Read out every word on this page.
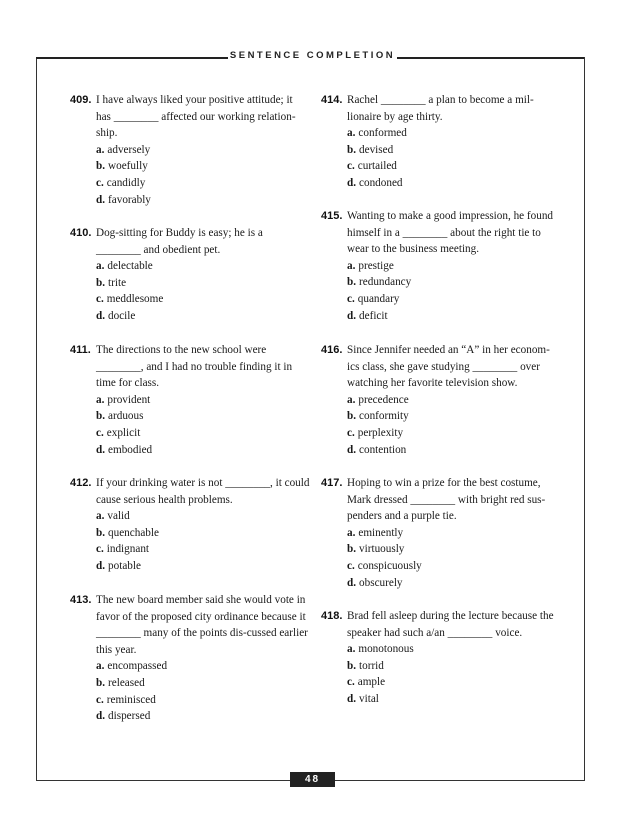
SENTENCE COMPLETION
409. I have always liked your positive attitude; it has ________ affected our working relation-ship.
a. adversely
b. woefully
c. candidly
d. favorably
410. Dog-sitting for Buddy is easy; he is a ________ and obedient pet.
a. delectable
b. trite
c. meddlesome
d. docile
411. The directions to the new school were ________, and I had no trouble finding it in time for class.
a. provident
b. arduous
c. explicit
d. embodied
412. If your drinking water is not ________, it could cause serious health problems.
a. valid
b. quenchable
c. indignant
d. potable
413. The new board member said she would vote in favor of the proposed city ordinance because it ________ many of the points dis-cussed earlier this year.
a. encompassed
b. released
c. reminisced
d. dispersed
414. Rachel ________ a plan to become a mil-lionaire by age thirty.
a. conformed
b. devised
c. curtailed
d. condoned
415. Wanting to make a good impression, he found himself in a ________ about the right tie to wear to the business meeting.
a. prestige
b. redundancy
c. quandary
d. deficit
416. Since Jennifer needed an “A” in her econom-ics class, she gave studying ________ over watching her favorite television show.
a. precedence
b. conformity
c. perplexity
d. contention
417. Hoping to win a prize for the best costume, Mark dressed ________ with bright red sus-penders and a purple tie.
a. eminently
b. virtuously
c. conspicuously
d. obscurely
418. Brad fell asleep during the lecture because the speaker had such a/an ________ voice.
a. monotonous
b. torrid
c. ample
d. vital
48
